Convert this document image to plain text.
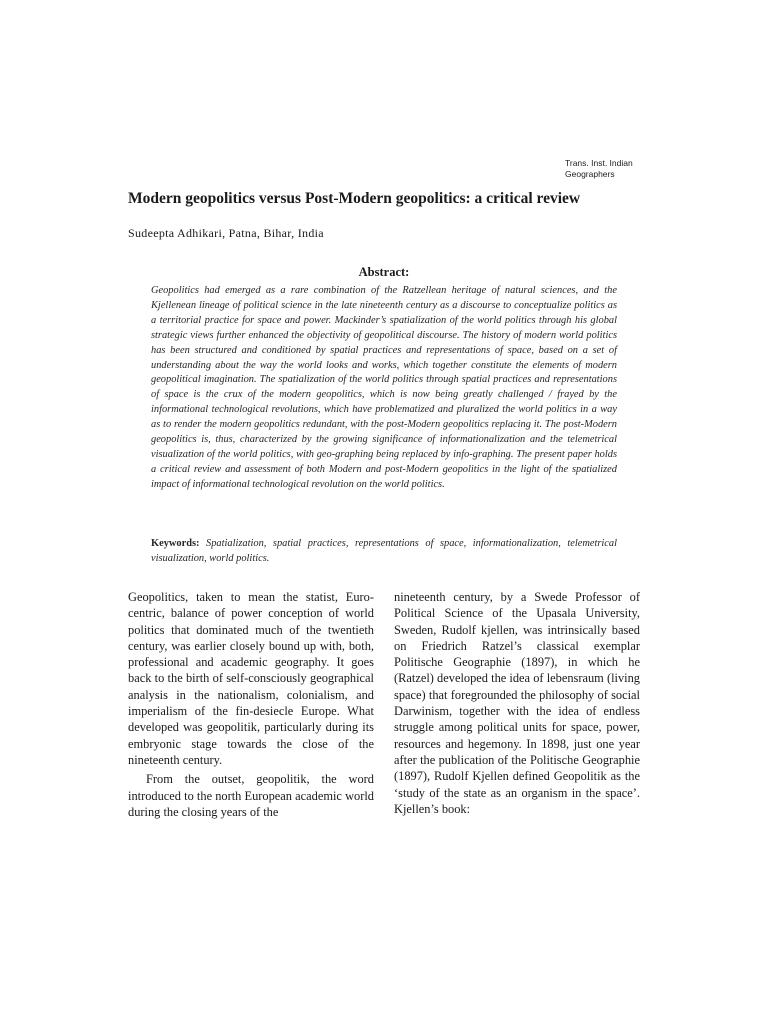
Trans. Inst. Indian
Geographers
Modern geopolitics versus Post-Modern geopolitics: a critical review
Sudeepta Adhikari, Patna, Bihar, India
Abstract:
Geopolitics had emerged as a rare combination of the Ratzellean heritage of natural sciences, and the Kjellenean lineage of political science in the late nineteenth century as a discourse to conceptualize politics as a territorial practice for space and power. Mackinder’s spatialization of the world politics through his global strategic views further enhanced the objectivity of geopolitical discourse. The history of modern world politics has been structured and conditioned by spatial practices and representations of space, based on a set of understanding about the way the world looks and works, which together constitute the elements of modern geopolitical imagination. The spatialization of the world politics through spatial practices and representations of space is the crux of the modern geopolitics, which is now being greatly challenged / frayed by the informational technological revolutions, which have problematized and pluralized the world politics in a way as to render the modern geopolitics redundant, with the post-Modern geopolitics replacing it. The post-Modern geopolitics is, thus, characterized by the growing significance of informationalization and the telemetrical visualization of the world politics, with geo-graphing being replaced by info-graphing. The present paper holds a critical review and assessment of both Modern and post-Modern geopolitics in the light of the spatialized impact of informational technological revolution on the world politics.
Keywords: Spatialization, spatial practices, representations of space, informationalization, telemetrical visualization, world politics.

Geopolitics, taken to mean the statist, Euro-centric, balance of power conception of world politics that dominated much of the twentieth century, was earlier closely bound up with, both, professional and academic geography. It goes back to the birth of self-consciously geographical analysis in the nationalism, colonialism, and imperialism of the fin-desiecle Europe. What developed was geopolitik, particularly during its embryonic stage towards the close of the nineteenth century.

From the outset, geopolitik, the word introduced to the north European academic world during the closing years of the

nineteenth century, by a Swede Professor of Political Science of the Upasala University, Sweden, Rudolf kjellen, was intrinsically based on Friedrich Ratzel’s classical exemplar Politische Geographie (1897), in which he (Ratzel) developed the idea of lebensraum (living space) that foregrounded the philosophy of social Darwinism, together with the idea of endless struggle among political units for space, power, resources and hegemony. In 1898, just one year after the publication of the Politische Geographie (1897), Rudolf Kjellen defined Geopolitik as the ‘study of the state as an organism in the space’. Kjellen’s book:
